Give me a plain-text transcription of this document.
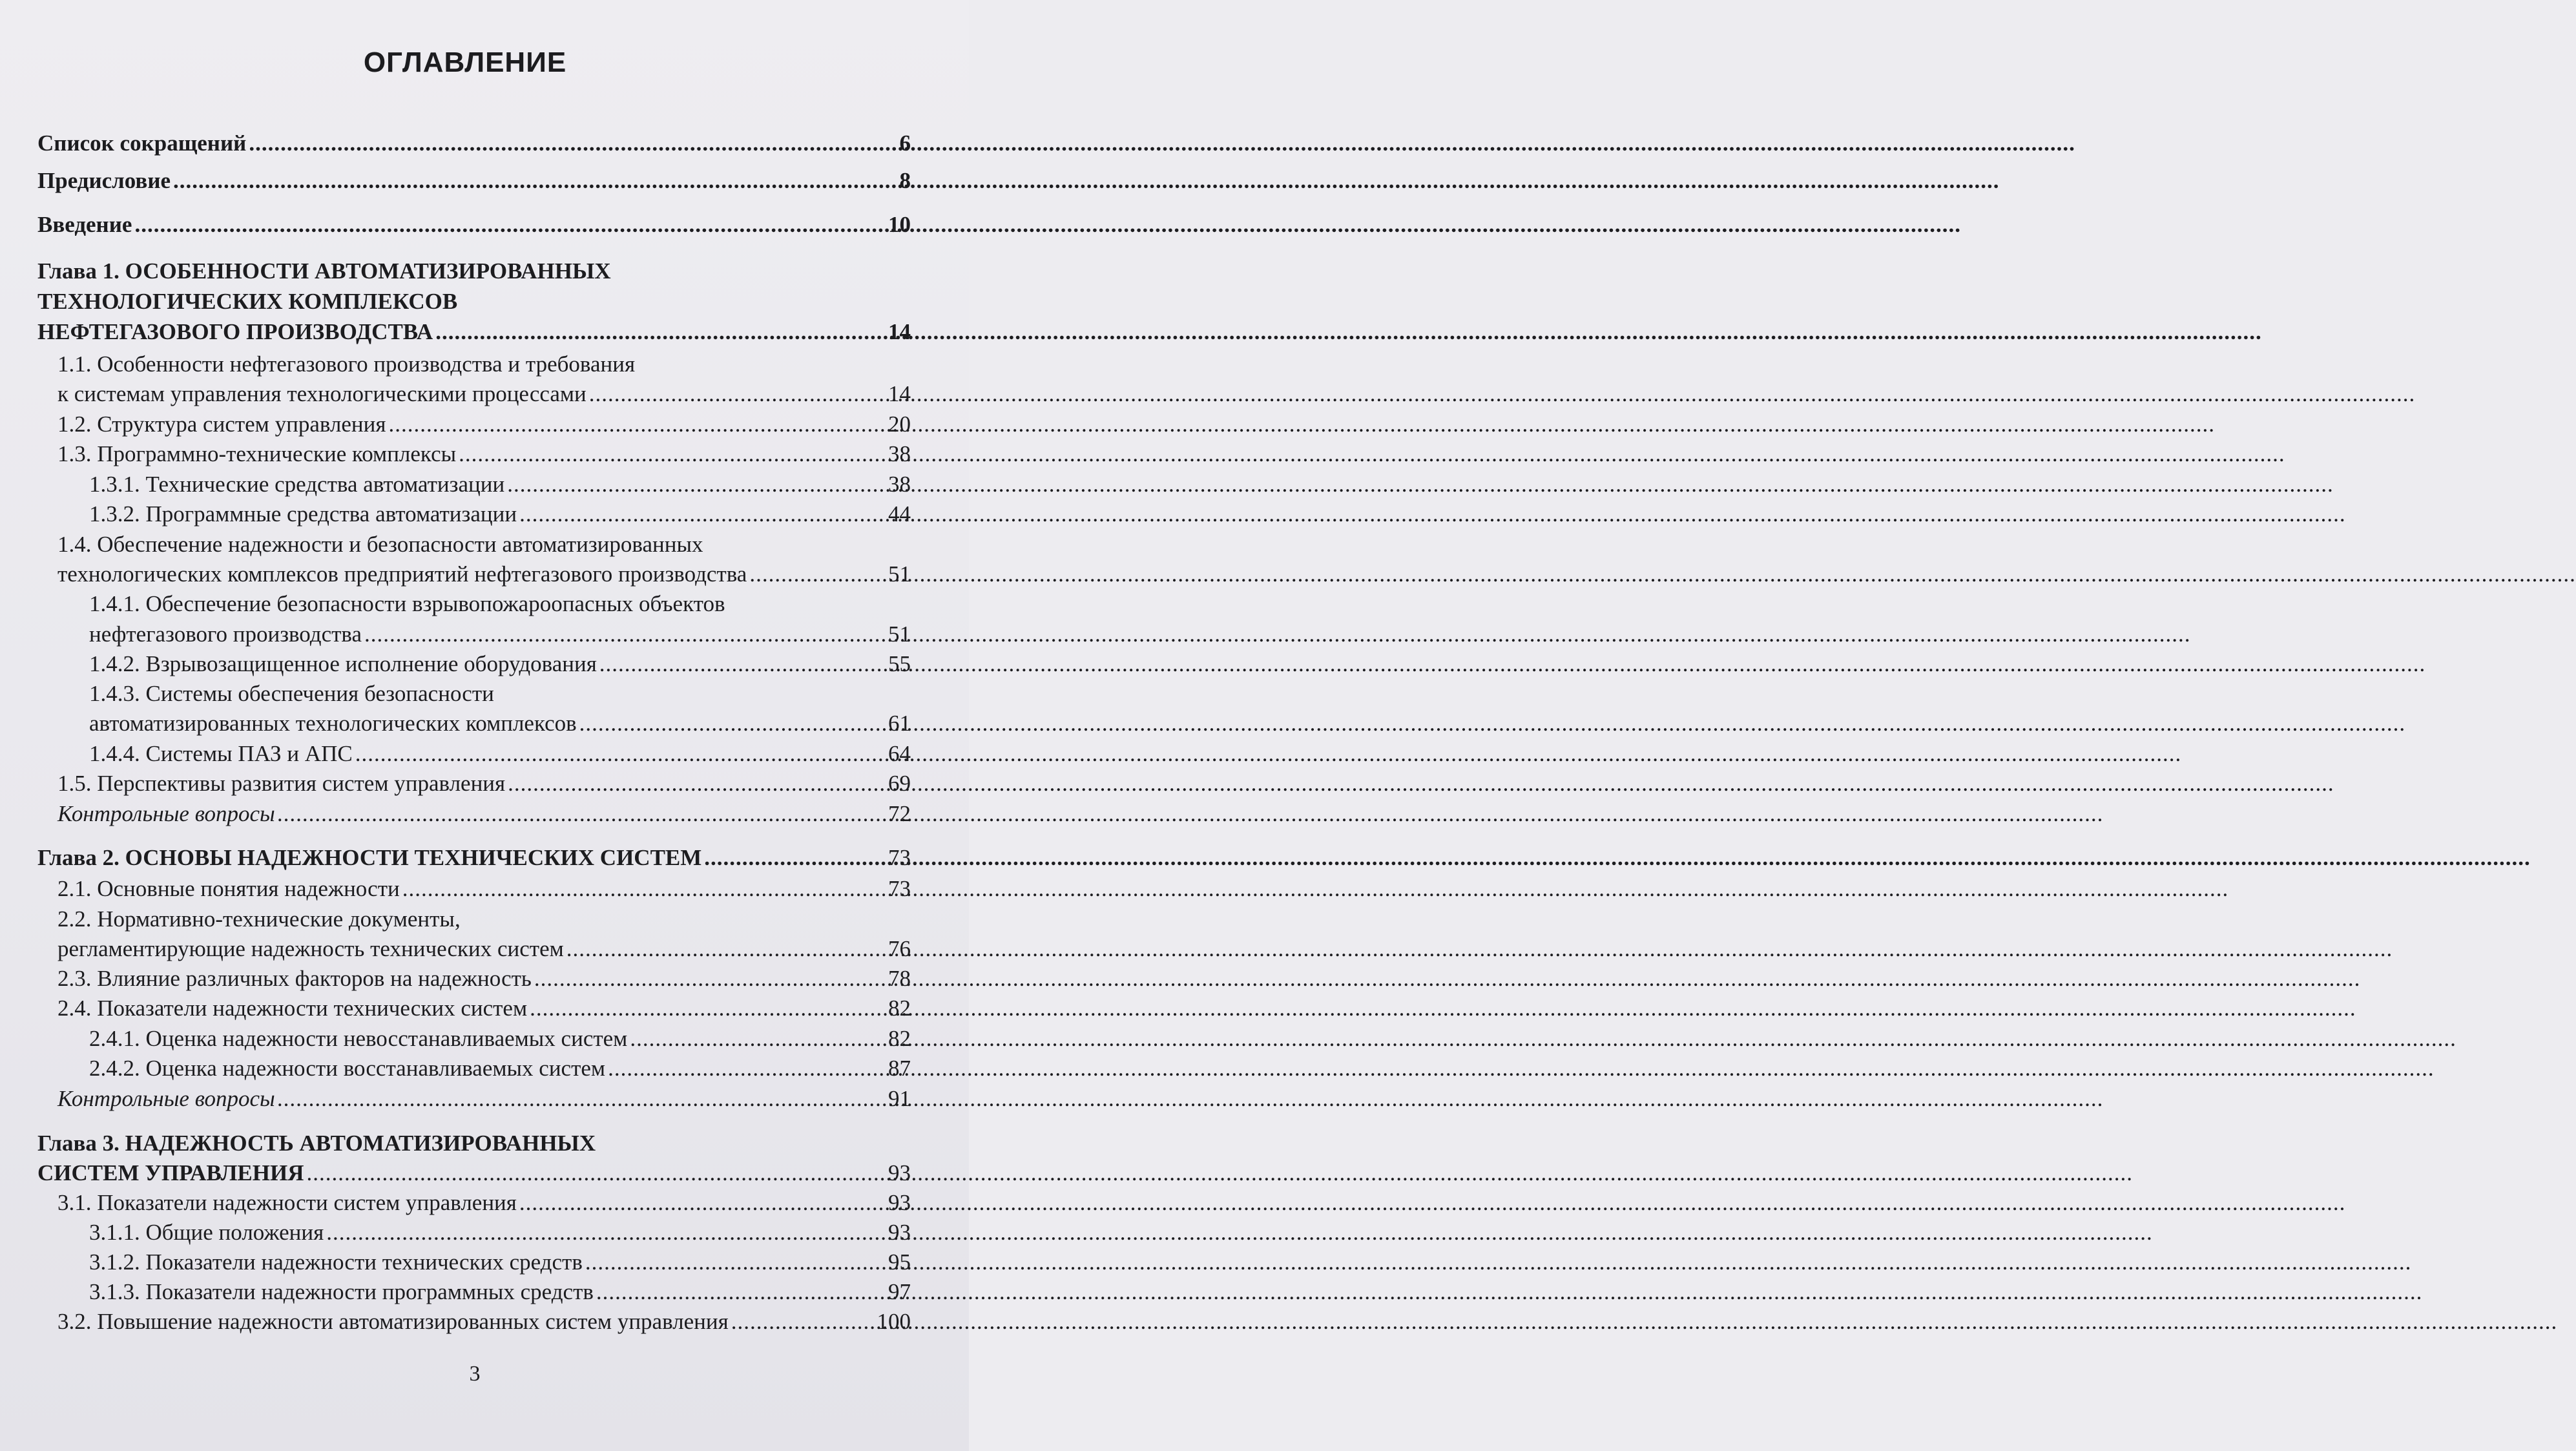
ОГЛАВЛЕНИЕ
Список сокращений .....	6
Предисловие .....	8
Введение .....	10
Глава 1. ОСОБЕННОСТИ АВТОМАТИЗИРОВАННЫХ
ТЕХНОЛОГИЧЕСКИХ КОМПЛЕКСОВ
НЕФТЕГАЗОВОГО ПРОИЗВОДСТВА .....	14
1.1. Особенности нефтегазового производства и требования
к системам управления технологическими процессами .....	14
1.2. Структура систем управления .....	20
1.3. Программно-технические комплексы .....	38
1.3.1. Технические средства автоматизации .....	38
1.3.2. Программные средства автоматизации .....	44
1.4. Обеспечение надежности и безопасности автоматизированных
технологических комплексов предприятий нефтегазового производства .....	51
1.4.1. Обеспечение безопасности взрывопожароопасных объектов
нефтегазового производства .....	51
1.4.2. Взрывозащищенное исполнение оборудования .....	55
1.4.3. Системы обеспечения безопасности
автоматизированных технологических комплексов .....	61
1.4.4. Системы ПАЗ и АПС .....	64
1.5. Перспективы развития систем управления .....	69
Контрольные вопросы .....	72
Глава 2. ОСНОВЫ НАДЕЖНОСТИ ТЕХНИЧЕСКИХ СИСТЕМ .....	73
2.1. Основные понятия надежности .....	73
2.2. Нормативно-технические документы,
регламентирующие надежность технических систем .....	76
2.3. Влияние различных факторов на надежность .....	78
2.4. Показатели надежности технических систем .....	82
2.4.1. Оценка надежности невосстанавливаемых систем .....	82
2.4.2. Оценка надежности восстанавливаемых систем .....	87
Контрольные вопросы .....	91
Глава 3. НАДЕЖНОСТЬ АВТОМАТИЗИРОВАННЫХ
СИСТЕМ УПРАВЛЕНИЯ .....	93
3.1. Показатели надежности систем управления .....	93
3.1.1. Общие положения .....	93
3.1.2. Показатели надежности технических средств .....	95
3.1.3. Показатели надежности программных средств .....	97
3.2. Повышение надежности автоматизированных систем управления .....	100
3
